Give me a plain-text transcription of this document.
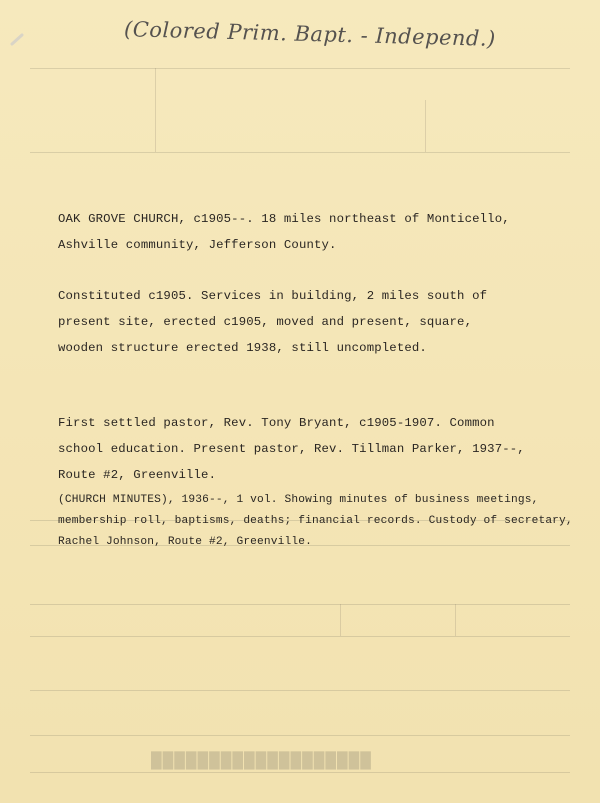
(Colored Prim. Bapt. - Independ.)
███████████████████

OAK GROVE CHURCH, c1905--. 18 miles northeast of Monticello,

Ashville community, Jefferson County.

Constituted c1905. Services in building, 2 miles south of

present site, erected c1905, moved and present, square,

wooden structure erected 1938, still uncompleted.

First settled pastor, Rev. Tony Bryant, c1905-1907. Common

school education. Present pastor, Rev. Tillman Parker, 1937--,

Route #2, Greenville.

(CHURCH MINUTES), 1936--, 1 vol. Showing minutes of business meetings,

membership roll, baptisms, deaths; financial records. Custody of secretary,

Rachel Johnson, Route #2, Greenville.
